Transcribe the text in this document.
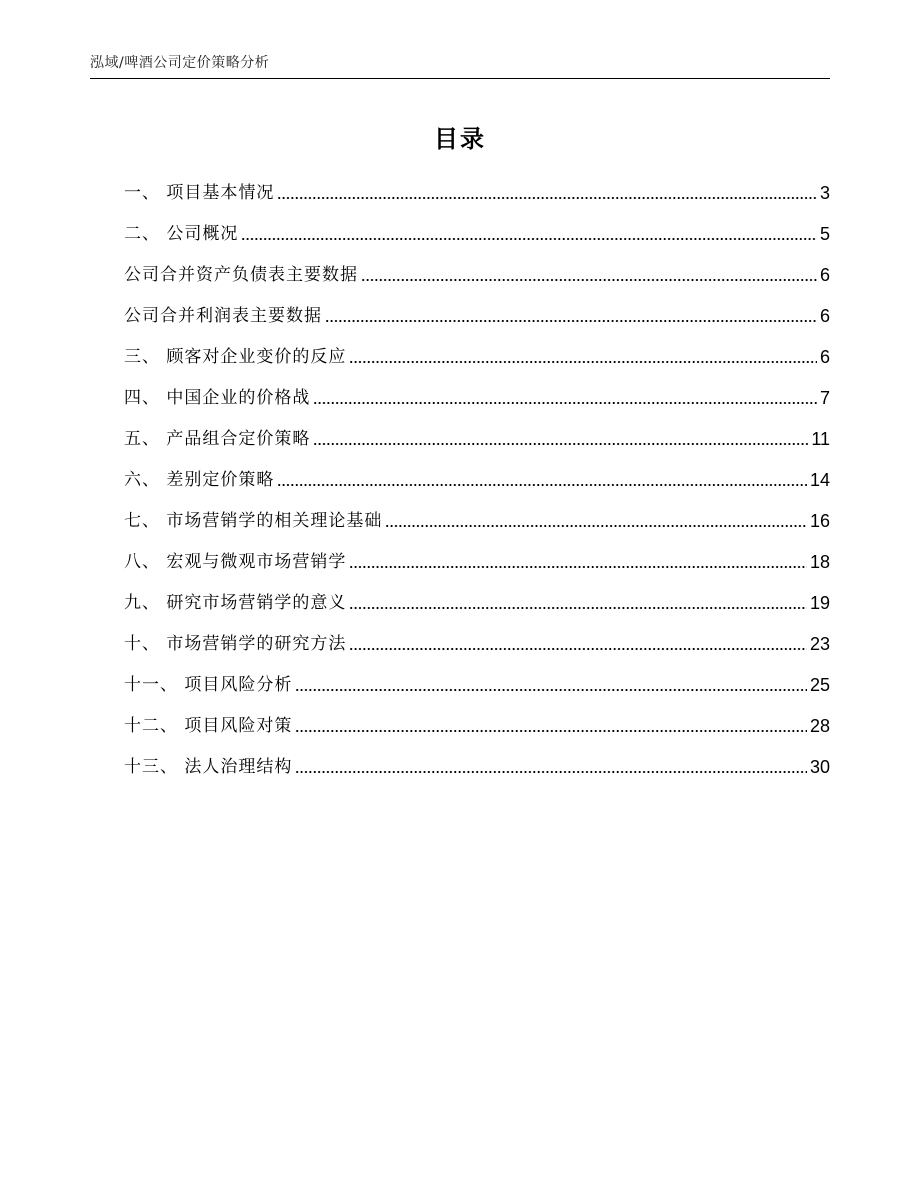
泓域/啤酒公司定价策略分析
目录
一、 项目基本情况	3
二、 公司概况	5
公司合并资产负债表主要数据	6
公司合并利润表主要数据	6
三、 顾客对企业变价的反应	6
四、 中国企业的价格战	7
五、 产品组合定价策略	11
六、 差别定价策略	14
七、 市场营销学的相关理论基础	16
八、 宏观与微观市场营销学	18
九、 研究市场营销学的意义	19
十、 市场营销学的研究方法	23
十一、 项目风险分析	25
十二、 项目风险对策	28
十三、 法人治理结构	30
